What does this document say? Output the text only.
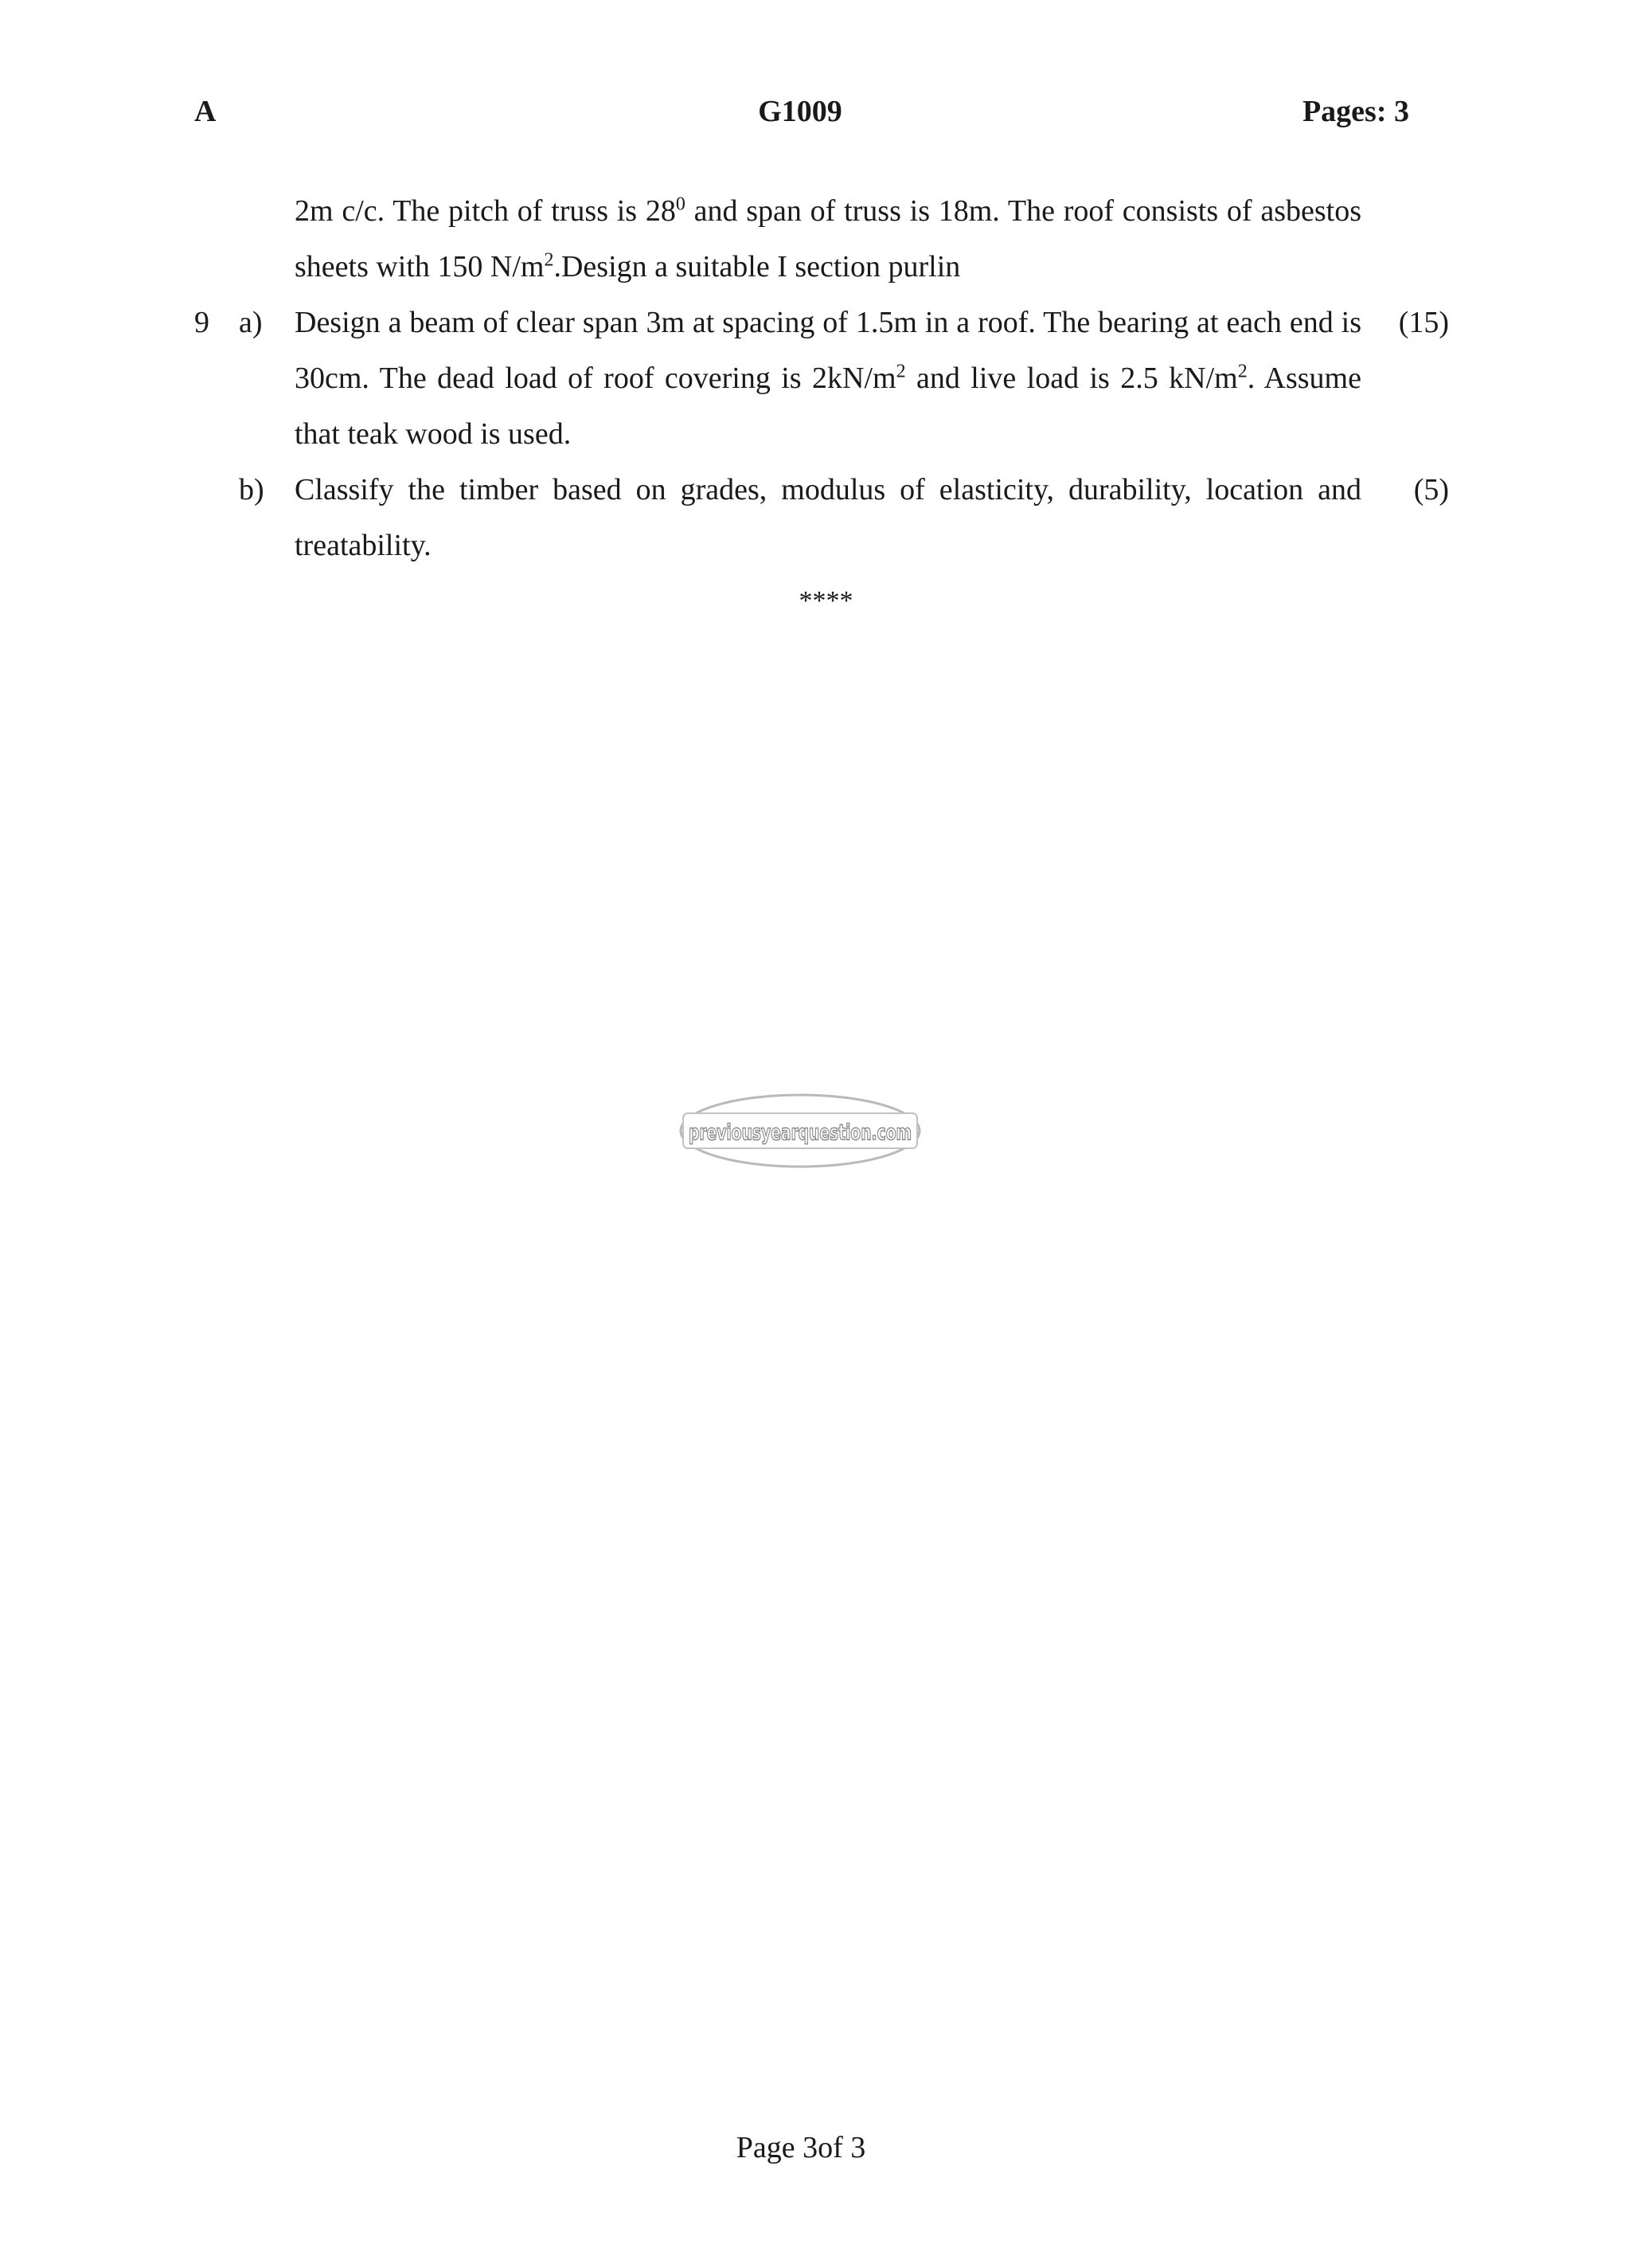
A	G1009	Pages: 3

2m c/c. The pitch of truss is $28^0$ and span of truss is 18m. The roof consists of asbestos sheets with 150 $N/m^2.Design$ a suitable I section purlin

9 a) Design a beam of clear span 3m at spacing of 1.5m in a roof. The bearing at each end is 30cm. The dead load of roof covering is $2kN/m^2$ and live load is 2.5 $kN/m^2$. Assume that teak wood is used.

(15)
b) Classify the timber based on grades, modulus of elasticity, durability, location and treatability.

(5)
****
previousyearquestion.com
Page 3of 3
